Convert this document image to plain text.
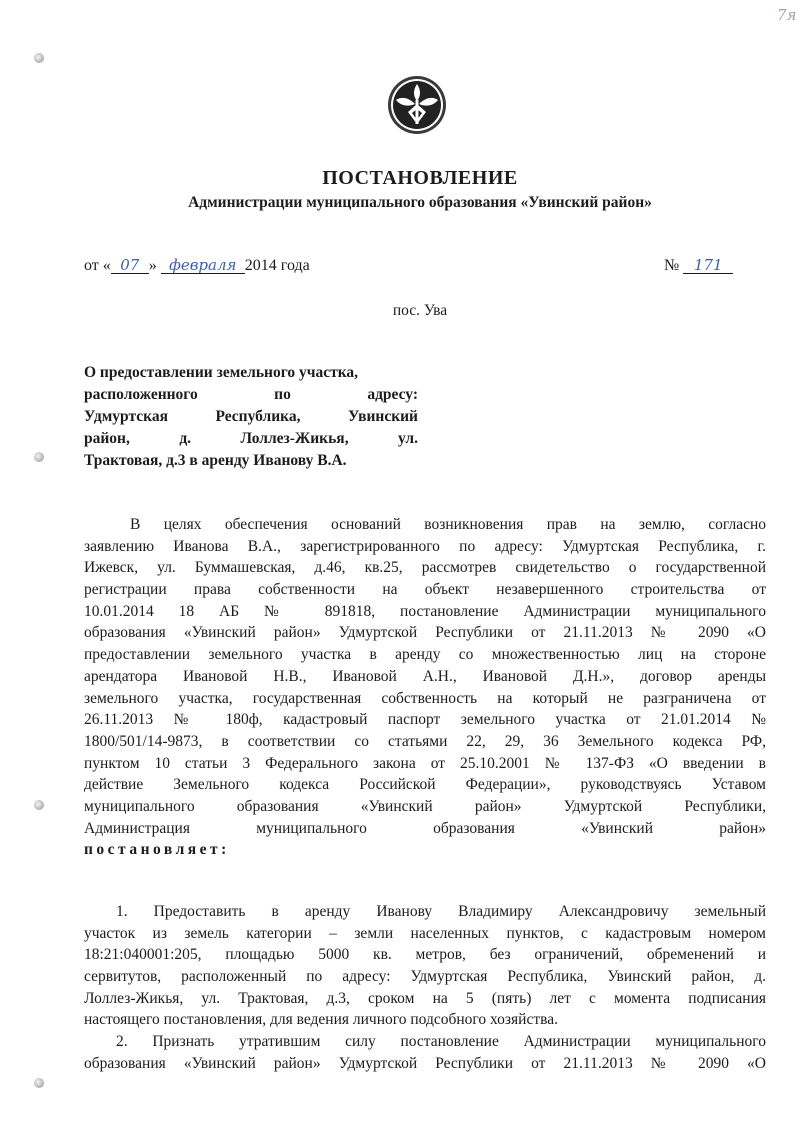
7я
ПОСТАНОВЛЕНИЕ
Администрации муниципального образования «Увинский район»
от « 07 » февраля 2014 года	№ 171
пос. Ува
О предоставлении земельного участка,
расположенного по адресу:
Удмуртская Республика, Увинский
район, д. Лоллез-Жикья, ул.
Трактовая, д.3 в аренду Иванову В.А.
В целях обеспечения оснований возникновения прав на землю, согласно
заявлению Иванова В.А., зарегистрированного по адресу: Удмуртская Республика, г.
Ижевск, ул. Буммашевская, д.46, кв.25, рассмотрев свидетельство о государственной
регистрации права собственности на объект незавершенного строительства от
10.01.2014 18 АБ № 891818, постановление Администрации муниципального
образования «Увинский район» Удмуртской Республики от 21.11.2013 № 2090 «О
предоставлении земельного участка в аренду со множественностью лиц на стороне
арендатора Ивановой Н.В., Ивановой А.Н., Ивановой Д.Н.», договор аренды
земельного участка, государственная собственность на который не разграничена от
26.11.2013 № 180ф, кадастровый паспорт земельного участка от 21.01.2014 №
1800/501/14-9873, в соответствии со статьями 22, 29, 36 Земельного кодекса РФ,
пунктом 10 статьи 3 Федерального закона от 25.10.2001 № 137-ФЗ «О введении в
действие Земельного кодекса Российской Федерации», руководствуясь Уставом
муниципального образования «Увинский район» Удмуртской Республики,
Администрация муниципального образования «Увинский район»
постановляет:
1. Предоставить в аренду Иванову Владимиру Александровичу земельный
участок из земель категории – земли населенных пунктов, с кадастровым номером
18:21:040001:205, площадью 5000 кв. метров, без ограничений, обременений и
сервитутов, расположенный по адресу: Удмуртская Республика, Увинский район, д.
Лоллез-Жикья, ул. Трактовая, д.3, сроком на 5 (пять) лет с момента подписания
настоящего постановления, для ведения личного подсобного хозяйства.
2. Признать утратившим силу постановление Администрации муниципального
образования «Увинский район» Удмуртской Республики от 21.11.2013 № 2090 «О
